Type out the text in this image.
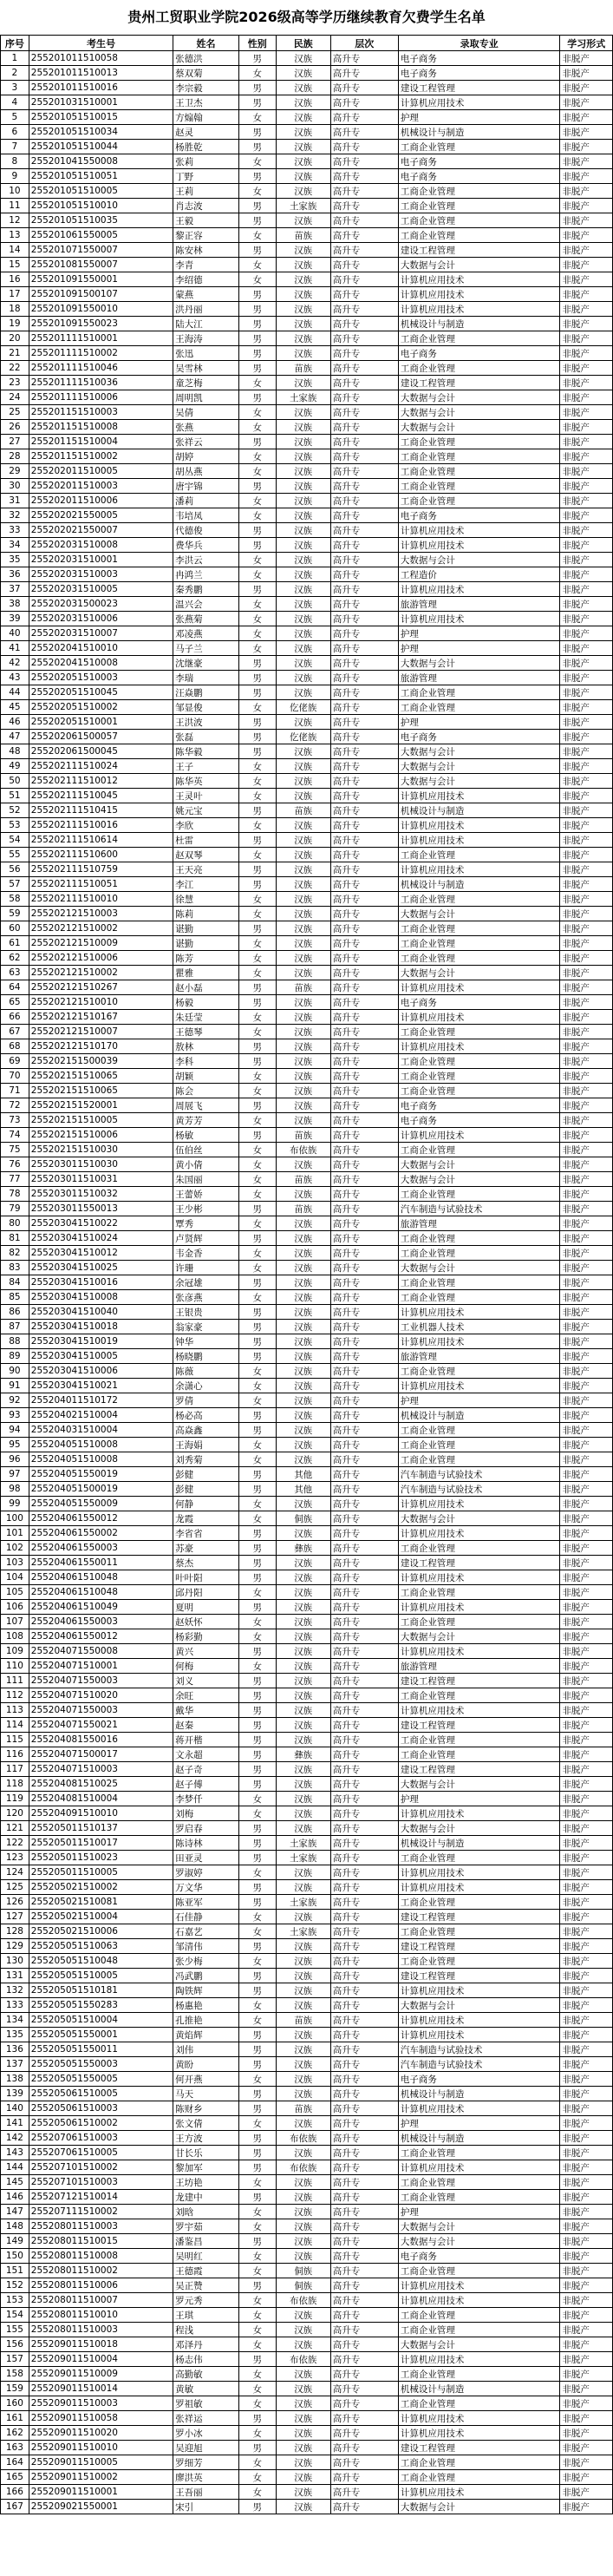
贵州工贸职业学院2026级高等学历继续教育欠费学生名单
序号	考生号	姓名	性别	民族	层次	录取专业	学习形式
1	255201011510058	张德洪	男	汉族	高升专	电子商务	非脱产
2	255201011510013	蔡双菊	女	汉族	高升专	电子商务	非脱产
3	255201011510016	李宗毅	男	汉族	高升专	建设工程管理	非脱产
4	255201031510001	王卫杰	男	汉族	高升专	计算机应用技术	非脱产
5	255201051510015	方煽翰	女	汉族	高升专	护理	非脱产
6	255201051510034	赵灵	男	汉族	高升专	机械设计与制造	非脱产
7	255201051510044	杨胜乾	男	汉族	高升专	工商企业管理	非脱产
8	255201041550008	张莉	女	汉族	高升专	电子商务	非脱产
9	255201051510051	丁野	男	汉族	高升专	电子商务	非脱产
10	255201051510005	王莉	女	汉族	高升专	工商企业管理	非脱产
11	255201051510010	肖志波	男	土家族	高升专	工商企业管理	非脱产
12	255201051510035	王毅	男	汉族	高升专	工商企业管理	非脱产
13	255201061550005	黎正容	女	苗族	高升专	工商企业管理	非脱产
14	255201071550007	陈安林	男	汉族	高升专	建设工程管理	非脱产
15	255201081550007	李青	女	汉族	高升专	大数据与会计	非脱产
16	255201091550001	李绍德	女	汉族	高升专	计算机应用技术	非脱产
17	255201091500107	蒙燕	男	汉族	高升专	计算机应用技术	非脱产
18	255201091550010	洪丹丽	男	汉族	高升专	计算机应用技术	非脱产
19	255201091550023	陆大江	男	汉族	高升专	机械设计与制造	非脱产
20	255201111510001	王海涛	男	汉族	高升专	工商企业管理	非脱产
21	255201111510002	张迅	男	汉族	高升专	电子商务	非脱产
22	255201111510046	吴雪林	男	苗族	高升专	工商企业管理	非脱产
23	255201111510036	童芝梅	女	汉族	高升专	建设工程管理	非脱产
24	255201111510006	周明凯	男	土家族	高升专	大数据与会计	非脱产
25	255201151510003	吴倩	女	汉族	高升专	大数据与会计	非脱产
26	255201151510008	张燕	女	汉族	高升专	大数据与会计	非脱产
27	255201151510004	张祥云	男	汉族	高升专	工商企业管理	非脱产
28	255201151510002	胡婷	女	汉族	高升专	工商企业管理	非脱产
29	255202011510005	胡丛燕	女	汉族	高升专	工商企业管理	非脱产
30	255202011510003	唐宇锦	男	汉族	高升专	工商企业管理	非脱产
31	255202011510006	潘莉	女	汉族	高升专	工商企业管理	非脱产
32	255202021550005	韦培凤	女	汉族	高升专	电子商务	非脱产
33	255202021550007	代德俊	男	汉族	高升专	计算机应用技术	非脱产
34	255202031510008	费华兵	男	汉族	高升专	计算机应用技术	非脱产
35	255202031510001	李洪云	女	汉族	高升专	大数据与会计	非脱产
36	255202031510003	冉鸿兰	女	汉族	高升专	工程造价	非脱产
37	255202031510005	秦秀鹏	男	汉族	高升专	计算机应用技术	非脱产
38	255202031500023	温兴会	女	汉族	高升专	旅游管理	非脱产
39	255202031510006	张燕菊	女	汉族	高升专	计算机应用技术	非脱产
40	255202031510007	邓凌燕	女	汉族	高升专	护理	非脱产
41	255202041510010	马子兰	女	汉族	高升专	护理	非脱产
42	255202041510008	沈继豪	男	汉族	高升专	大数据与会计	非脱产
43	255202051510003	李瑞	男	汉族	高升专	旅游管理	非脱产
44	255202051510045	汪焱鹏	男	汉族	高升专	工商企业管理	非脱产
45	255202051510002	邹显俊	女	仡佬族	高升专	工商企业管理	非脱产
46	255202051510001	王洪波	男	汉族	高升专	护理	非脱产
47	255202061500057	张磊	男	仡佬族	高升专	电子商务	非脱产
48	255202061500045	陈华毅	男	汉族	高升专	大数据与会计	非脱产
49	255202111510024	王子	女	汉族	高升专	大数据与会计	非脱产
50	255202111510012	陈华英	女	汉族	高升专	大数据与会计	非脱产
51	255202111510045	王灵叶	女	汉族	高升专	计算机应用技术	非脱产
52	255202111510415	姚元宝	男	苗族	高升专	机械设计与制造	非脱产
53	255202111510016	李欣	女	汉族	高升专	计算机应用技术	非脱产
54	255202111510614	杜雷	男	汉族	高升专	计算机应用技术	非脱产
55	255202111510600	赵双琴	女	汉族	高升专	工商企业管理	非脱产
56	255202111510759	王天亮	男	汉族	高升专	计算机应用技术	非脱产
57	255202111510051	李江	男	汉族	高升专	机械设计与制造	非脱产
58	255202111510010	徐慧	女	汉族	高升专	工商企业管理	非脱产
59	255202121510003	陈莉	女	汉族	高升专	大数据与会计	非脱产
60	255202121510002	谌勤	男	汉族	高升专	工商企业管理	非脱产
61	255202121510009	谌勤	女	汉族	高升专	工商企业管理	非脱产
62	255202121510006	陈芳	女	汉族	高升专	工商企业管理	非脱产
63	255202121510002	瞿雅	女	汉族	高升专	大数据与会计	非脱产
64	255202121510267	赵小磊	男	苗族	高升专	计算机应用技术	非脱产
65	255202121510010	杨毅	男	汉族	高升专	电子商务	非脱产
66	255202121510167	朱廷莹	女	汉族	高升专	计算机应用技术	非脱产
67	255202121510007	王德琴	女	汉族	高升专	工商企业管理	非脱产
68	255202121510170	敖林	男	汉族	高升专	计算机应用技术	非脱产
69	255202151500039	李科	男	汉族	高升专	工商企业管理	非脱产
70	255202151510065	胡颖	女	汉族	高升专	工商企业管理	非脱产
71	255202151510065	陈会	女	汉族	高升专	工商企业管理	非脱产
72	255202151520001	周展飞	男	汉族	高升专	电子商务	非脱产
73	255202151510005	黄芳芳	女	汉族	高升专	电子商务	非脱产
74	255202151510006	杨敏	男	苗族	高升专	计算机应用技术	非脱产
75	255202151510030	伍伯丝	女	布依族	高升专	工商企业管理	非脱产
76	255203011510030	黄小倩	女	汉族	高升专	大数据与会计	非脱产
77	255203011510031	朱国丽	女	苗族	高升专	大数据与会计	非脱产
78	255203011510032	王蕾娇	女	汉族	高升专	工商企业管理	非脱产
79	255203011550013	王少彬	男	苗族	高升专	汽车制造与试验技术	非脱产
80	255203041510022	覃秀	女	汉族	高升专	旅游管理	非脱产
81	255203041510024	卢贤辉	男	汉族	高升专	工商企业管理	非脱产
82	255203041510012	韦金香	女	汉族	高升专	工商企业管理	非脱产
83	255203041510025	许珊	女	汉族	高升专	大数据与会计	非脱产
84	255203041510016	余冠雄	男	汉族	高升专	工商企业管理	非脱产
85	255203041510008	张彦燕	女	汉族	高升专	工商企业管理	非脱产
86	255203041510040	王银贵	男	汉族	高升专	计算机应用技术	非脱产
87	255203041510018	翁家豪	男	汉族	高升专	工业机器人技术	非脱产
88	255203041510019	钟华	男	汉族	高升专	计算机应用技术	非脱产
89	255203041510005	杨晓鹏	男	汉族	高升专	旅游管理	非脱产
90	255203041510006	陈薇	女	汉族	高升专	工商企业管理	非脱产
91	255203041510021	余潇心	女	汉族	高升专	计算机应用技术	非脱产
92	255204011510172	罗倩	女	汉族	高升专	护理	非脱产
93	255204021510004	杨必高	男	汉族	高升专	机械设计与制造	非脱产
94	255204031510004	高焱鑫	男	汉族	高升专	工商企业管理	非脱产
95	255204051510008	王海娟	女	汉族	高升专	工商企业管理	非脱产
96	255204051510008	刘秀菊	女	汉族	高升专	工商企业管理	非脱产
97	255204051550019	彭健	男	其他	高升专	汽车制造与试验技术	非脱产
98	255204051500019	彭健	男	其他	高升专	汽车制造与试验技术	非脱产
99	255204051550009	何静	女	汉族	高升专	计算机应用技术	非脱产
100	255204061550012	龙霞	女	侗族	高升专	大数据与会计	非脱产
101	255204061550002	李省省	男	汉族	高升专	计算机应用技术	非脱产
102	255204061550003	苏豪	男	彝族	高升专	工商企业管理	非脱产
103	255204061550011	蔡杰	男	汉族	高升专	建设工程管理	非脱产
104	255204061510048	叶叶阳	男	汉族	高升专	计算机应用技术	非脱产
105	255204061510048	邱丹阳	女	汉族	高升专	工商企业管理	非脱产
106	255204061510049	夏明	男	汉族	高升专	计算机应用技术	非脱产
107	255204061550003	赵妖怀	女	汉族	高升专	工商企业管理	非脱产
108	255204061550012	杨彩勤	女	汉族	高升专	大数据与会计	非脱产
109	255204071550008	黄兴	男	汉族	高升专	计算机应用技术	非脱产
110	255204071510001	何梅	女	汉族	高升专	旅游管理	非脱产
111	255204071550003	刘义	男	汉族	高升专	建设工程管理	非脱产
112	255204071510020	余旺	男	汉族	高升专	工商企业管理	非脱产
113	255204071550003	戴华	男	汉族	高升专	计算机应用技术	非脱产
114	255204071550021	赵秦	男	汉族	高升专	建设工程管理	非脱产
115	255204081550016	蒋开楷	男	汉族	高升专	工商企业管理	非脱产
116	255204071500017	文永超	男	彝族	高升专	工商企业管理	非脱产
117	255204071510003	赵子奇	男	汉族	高升专	建设工程管理	非脱产
118	255204081510025	赵子傅	男	汉族	高升专	大数据与会计	非脱产
119	255204081510004	李梦仟	女	汉族	高升专	护理	非脱产
120	255204091510010	刘梅	女	汉族	高升专	计算机应用技术	非脱产
121	255205011510137	罗启春	男	汉族	高升专	大数据与会计	非脱产
122	255205011510017	陈诗林	男	土家族	高升专	机械设计与制造	非脱产
123	255205011510023	田亚灵	男	土家族	高升专	工商企业管理	非脱产
124	255205011510005	罗淑婷	女	汉族	高升专	计算机应用技术	非脱产
125	255205021510002	万文华	男	汉族	高升专	计算机应用技术	非脱产
126	255205021510081	陈亚军	男	土家族	高升专	工商企业管理	非脱产
127	255205021510004	石佳静	女	汉族	高升专	建设工程管理	非脱产
128	255205021510006	石嘉艺	女	土家族	高升专	工商企业管理	非脱产
129	255205051510063	邹清伟	男	汉族	高升专	建设工程管理	非脱产
130	255205051510048	张少梅	女	汉族	高升专	工商企业管理	非脱产
131	255205051510005	冯武鹏	男	汉族	高升专	建设工程管理	非脱产
132	255205051510181	陶铁辉	男	汉族	高升专	计算机应用技术	非脱产
133	255205051550283	杨惠艳	女	汉族	高升专	大数据与会计	非脱产
134	255205051510004	孔推艳	女	苗族	高升专	计算机应用技术	非脱产
135	255205051550001	黄焰辉	男	汉族	高升专	计算机应用技术	非脱产
136	255205051550011	刘伟	男	汉族	高升专	汽车制造与试验技术	非脱产
137	255205051550003	黄盼	男	汉族	高升专	汽车制造与试验技术	非脱产
138	255205051550005	何开燕	女	汉族	高升专	电子商务	非脱产
139	255205061510005	马天	男	汉族	高升专	机械设计与制造	非脱产
140	255205061510003	陈财乡	男	苗族	高升专	计算机应用技术	非脱产
141	255205061510002	张文倩	女	汉族	高升专	护理	非脱产
142	255207061510003	王方波	男	布依族	高升专	机械设计与制造	非脱产
143	255207061510005	甘长乐	男	汉族	高升专	工商企业管理	非脱产
144	255207101510002	黎加军	男	布依族	高升专	计算机应用技术	非脱产
145	255207101510003	王坊艳	女	汉族	高升专	工商企业管理	非脱产
146	255207121510014	龙建中	男	汉族	高升专	工商企业管理	非脱产
147	255207111510002	刘晗	女	汉族	高升专	护理	非脱产
148	255208011510003	罗宇茹	女	汉族	高升专	大数据与会计	非脱产
149	255208011510015	潘鉴昌	男	汉族	高升专	大数据与会计	非脱产
150	255208011510008	吴明红	女	汉族	高升专	电子商务	非脱产
151	255208011510002	王德霞	女	侗族	高升专	工商企业管理	非脱产
152	255208011510006	吴正赞	男	侗族	高升专	计算机应用技术	非脱产
153	255208011510007	罗元秀	女	布依族	高升专	计算机应用技术	非脱产
154	255208011510010	王琪	女	汉族	高升专	工商企业管理	非脱产
155	255208011510003	程浅	女	汉族	高升专	工商企业管理	非脱产
156	255209011510018	邓泽丹	女	汉族	高升专	大数据与会计	非脱产
157	255209011510004	杨志伟	男	布依族	高升专	计算机应用技术	非脱产
158	255209011510009	高勤敏	女	汉族	高升专	工商企业管理	非脱产
159	255209011510014	黄敏	女	汉族	高升专	机械设计与制造	非脱产
160	255209011510003	罗祖敏	女	汉族	高升专	工商企业管理	非脱产
161	255209011510058	张祥运	男	汉族	高升专	计算机应用技术	非脱产
162	255209011510020	罗小冰	女	汉族	高升专	计算机应用技术	非脱产
163	255209011510010	吴迎旭	男	汉族	高升专	建设工程管理	非脱产
164	255209011510005	罗细芳	女	汉族	高升专	工商企业管理	非脱产
165	255209011510002	廖洪英	女	汉族	高升专	工商企业管理	非脱产
166	255209011510001	王吾丽	女	汉族	高升专	计算机应用技术	非脱产
167	255209021550001	宋引	男	汉族	高升专	大数据与会计	非脱产
